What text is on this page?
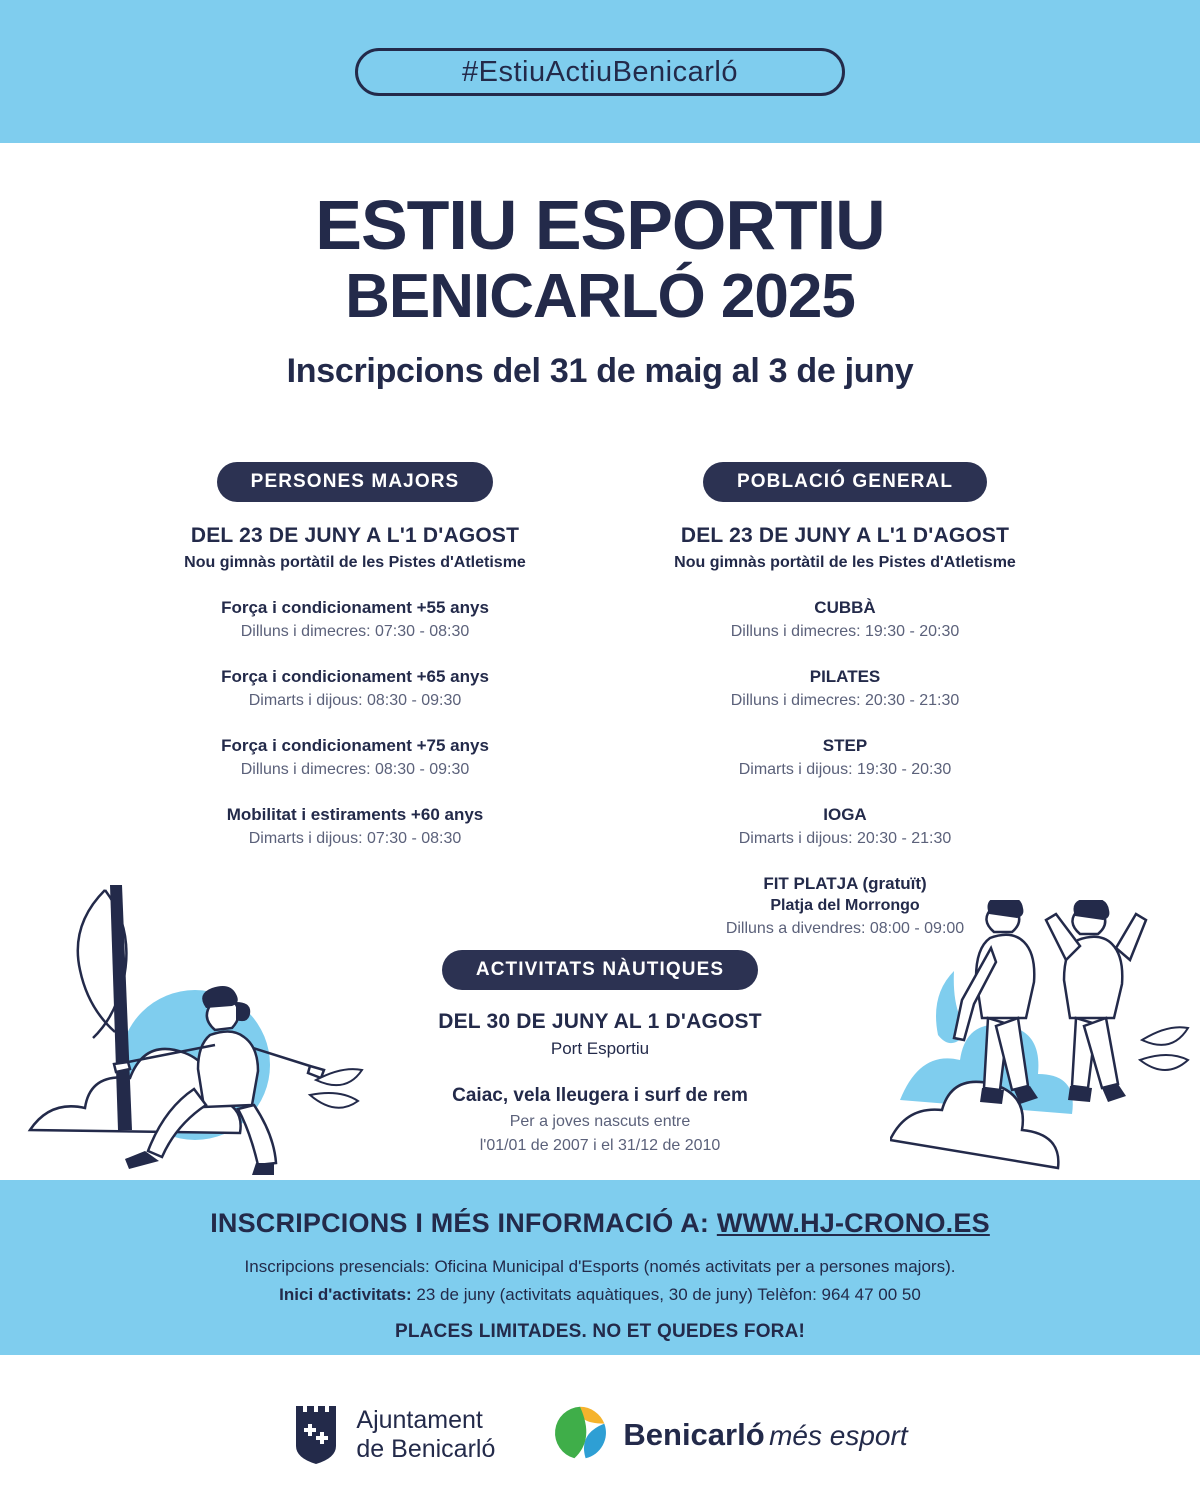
#EstiuActiuBenicarló
ESTIU ESPORTIU
BENICARLÓ 2025
Inscripcions del 31 de maig al 3 de juny
PERSONES MAJORS
DEL 23 DE JUNY A L'1 D'AGOST
Nou gimnàs portàtil de les Pistes d'Atletisme
Força i condicionament +55 anys
Dilluns i dimecres: 07:30 - 08:30
Força i condicionament +65 anys
Dimarts i dijous: 08:30 - 09:30
Força i condicionament +75 anys
Dilluns i dimecres: 08:30 - 09:30
Mobilitat i estiraments +60 anys
Dimarts i dijous: 07:30 - 08:30
POBLACIÓ GENERAL
DEL 23 DE JUNY A L'1 D'AGOST
Nou gimnàs portàtil de les Pistes d'Atletisme
CUBBÀ
Dilluns i dimecres: 19:30 - 20:30
PILATES
Dilluns i dimecres: 20:30 - 21:30
STEP
Dimarts i dijous: 19:30 - 20:30
IOGA
Dimarts i dijous: 20:30 - 21:30
FIT PLATJA (gratuït)
Platja del Morrongo
Dilluns a divendres: 08:00 - 09:00
ACTIVITATS NÀUTIQUES
DEL 30 DE JUNY AL 1 D'AGOST
Port Esportiu
Caiac, vela lleugera i surf de rem
Per a joves nascuts entre
l'01/01 de 2007 i el 31/12 de 2010
INSCRIPCIONS I MÉS INFORMACIÓ A: WWW.HJ-CRONO.ES
Inscripcions presencials: Oficina Municipal d'Esports (només activitats per a persones majors).
Inici d'activitats: 23 de juny (activitats aquàtiques, 30 de juny) Telèfon: 964 47 00 50
PLACES LIMITADES. NO ET QUEDES FORA!
Ajuntament
de Benicarló	Benicarló més esport
